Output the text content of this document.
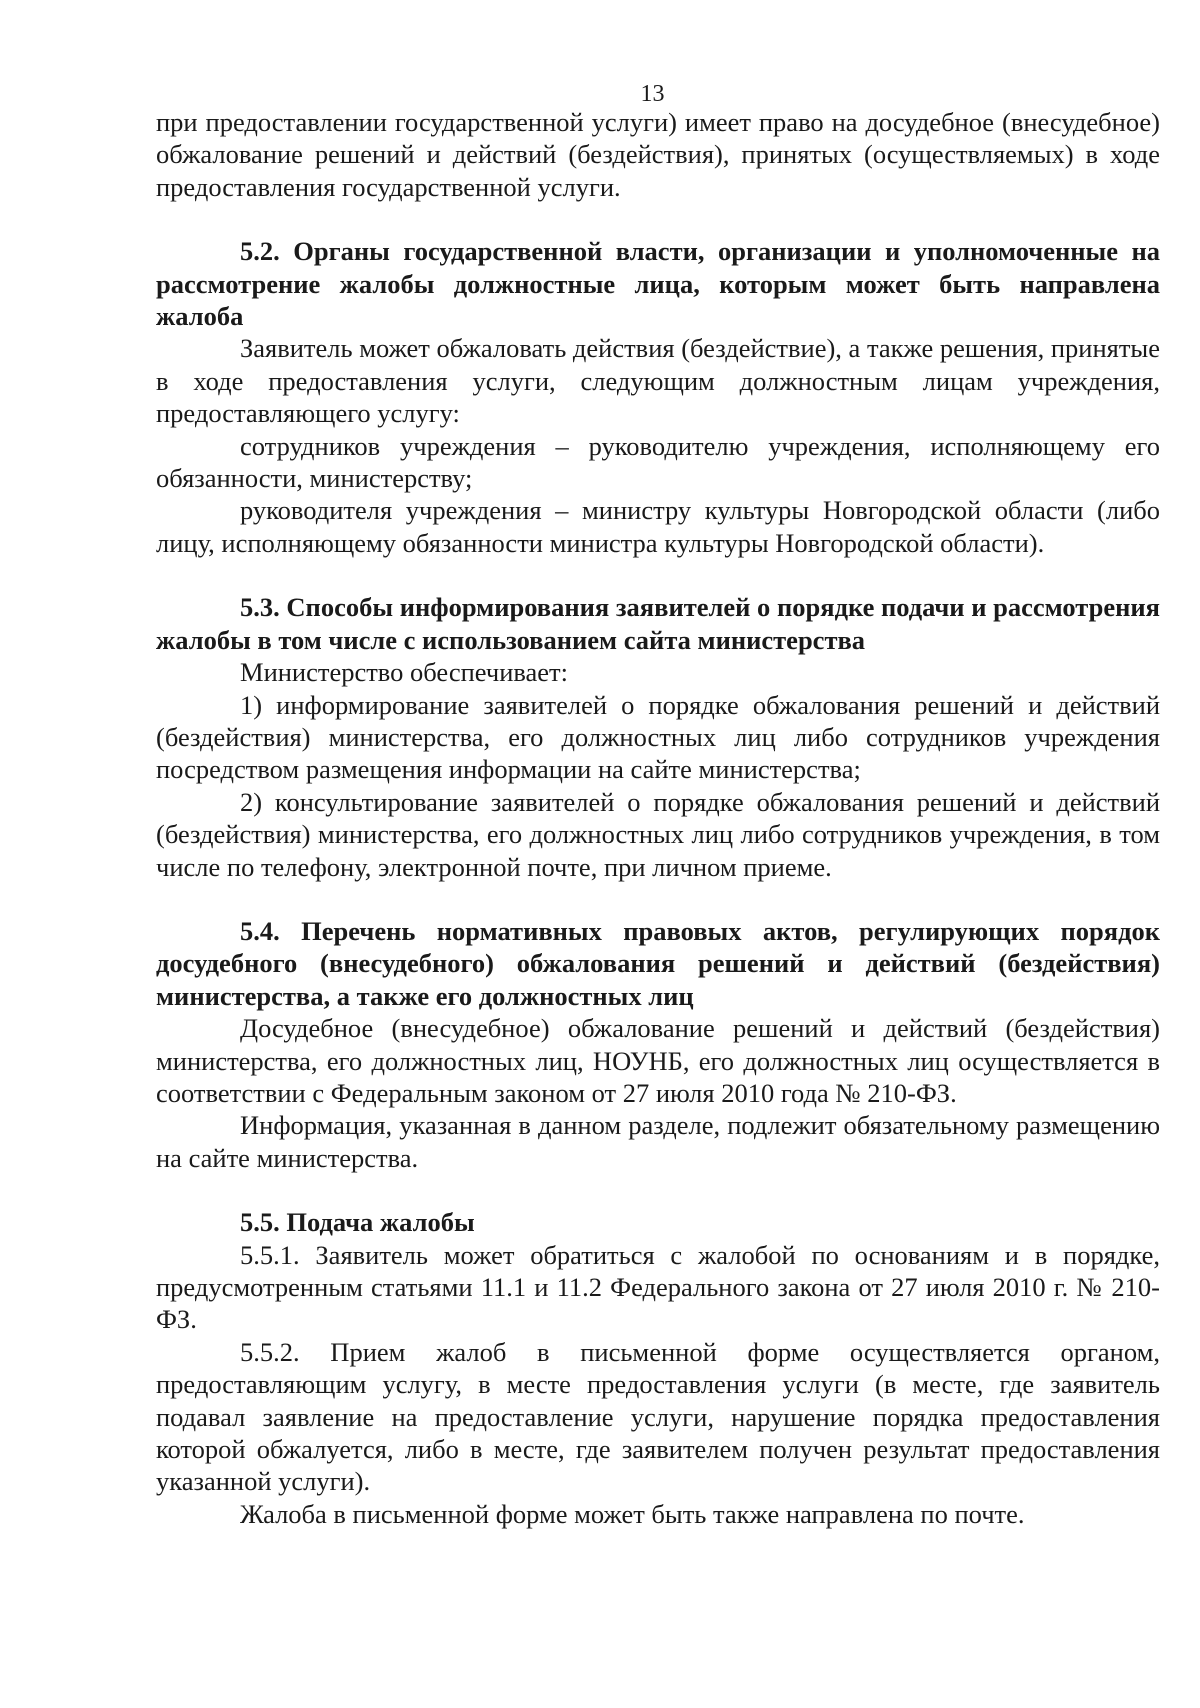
13

при предоставлении государственной услуги) имеет право на досудебное (внесудебное) обжалование решений и действий (бездействия), принятых (осуществляемых) в ходе предоставления государственной услуги.

5.2. Органы государственной власти, организации и уполномоченные на рассмотрение жалобы должностные лица, которым может быть направлена жалоба

Заявитель может обжаловать действия (бездействие), а также решения, принятые в ходе предоставления услуги, следующим должностным лицам учреждения, предоставляющего услугу:

сотрудников учреждения – руководителю учреждения, исполняющему его обязанности, министерству;

руководителя учреждения – министру культуры Новгородской области (либо лицу, исполняющему обязанности министра культуры Новгородской области).

5.3. Способы информирования заявителей о порядке подачи и рассмотрения жалобы в том числе с использованием сайта министерства

Министерство обеспечивает:

1) информирование заявителей о порядке обжалования решений и действий (бездействия) министерства, его должностных лиц либо сотрудников учреждения посредством размещения информации на сайте министерства;

2) консультирование заявителей о порядке обжалования решений и действий (бездействия) министерства, его должностных лиц либо сотрудников учреждения, в том числе по телефону, электронной почте, при личном приеме.

5.4. Перечень нормативных правовых актов, регулирующих порядок досудебного (внесудебного) обжалования решений и действий (бездействия) министерства, а также его должностных лиц

Досудебное (внесудебное) обжалование решений и действий (бездействия) министерства, его должностных лиц, НОУНБ, его должностных лиц осуществляется в соответствии с Федеральным законом от 27 июля 2010 года № 210-ФЗ.

Информация, указанная в данном разделе, подлежит обязательному размещению на сайте министерства.

5.5. Подача жалобы

5.5.1. Заявитель может обратиться с жалобой по основаниям и в порядке, предусмотренным статьями 11.1 и 11.2 Федерального закона от 27 июля 2010 г. № 210-ФЗ.

5.5.2. Прием жалоб в письменной форме осуществляется органом, предоставляющим услугу, в месте предоставления услуги (в месте, где заявитель подавал заявление на предоставление услуги, нарушение порядка предоставления которой обжалуется, либо в месте, где заявителем получен результат предоставления указанной услуги).

Жалоба в письменной форме может быть также направлена по почте.
